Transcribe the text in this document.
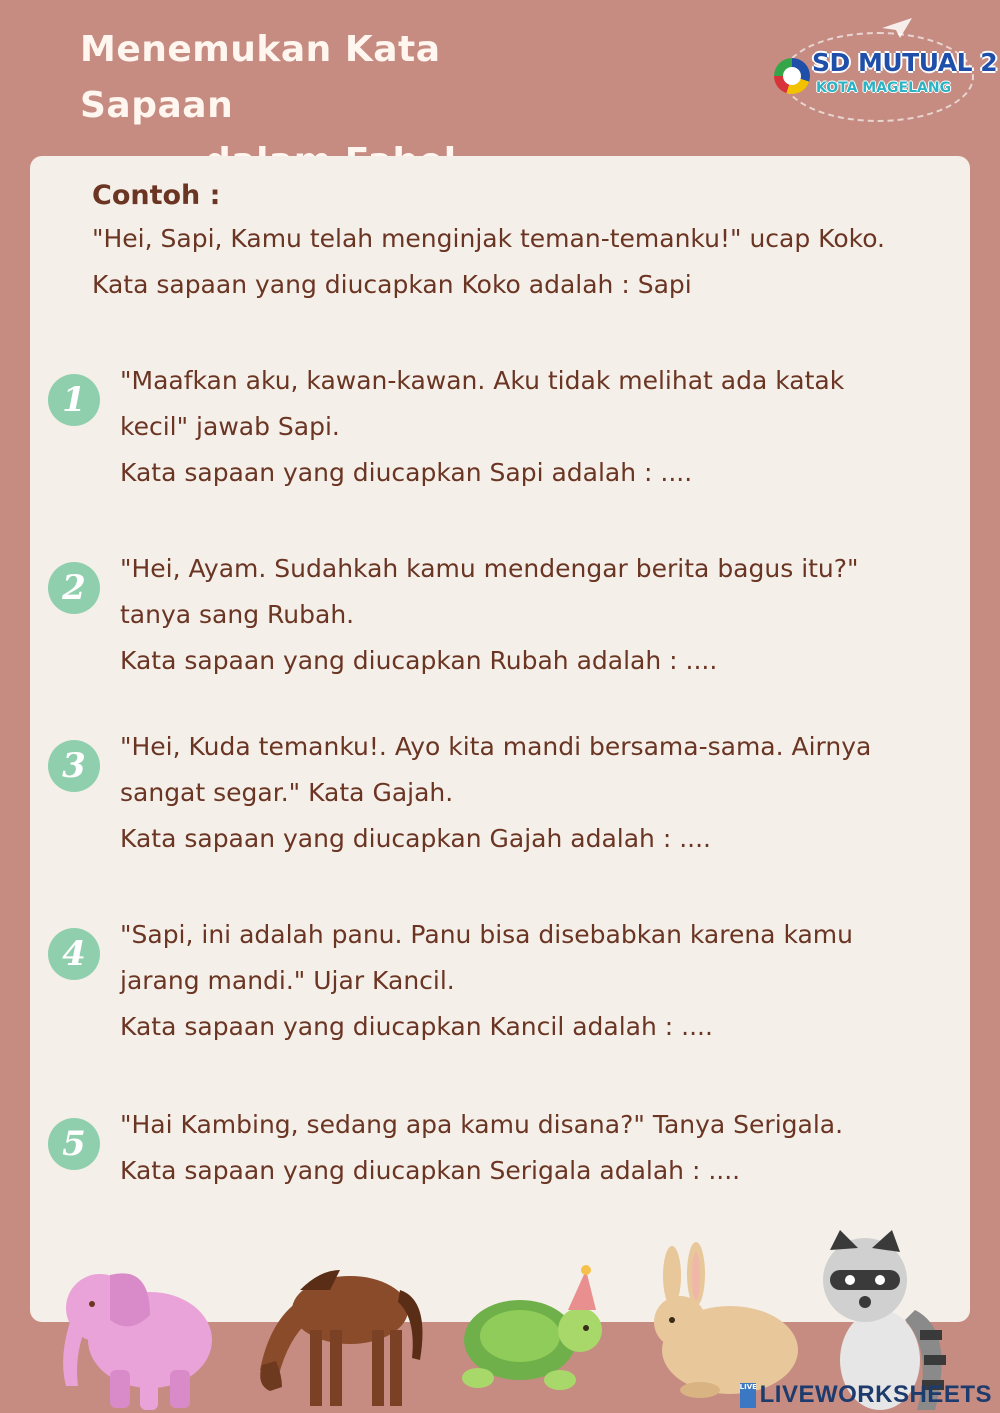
Menemukan Kata Sapaan
SD MUTUAL 2
KOTA MAGELANG
Contoh :
"Hei, Sapi, Kamu telah menginjak teman-temanku!" ucap Koko.
Kata sapaan yang diucapkan Koko adalah : Sapi
1	"Maafkan aku, kawan-kawan. Aku tidak melihat ada katak
kecil" jawab Sapi.
Kata sapaan yang diucapkan Sapi adalah : ....
2	"Hei, Ayam. Sudahkah kamu mendengar berita bagus itu?"
tanya sang Rubah.
Kata sapaan yang diucapkan Rubah adalah : ....
3	"Hei, Kuda temanku!. Ayo kita mandi bersama-sama. Airnya
sangat segar." Kata Gajah.
Kata sapaan yang diucapkan Gajah adalah : ....
4	"Sapi, ini adalah panu. Panu bisa disebabkan karena kamu
jarang mandi." Ujar Kancil.
Kata sapaan yang diucapkan Kancil adalah : ....
5	"Hai Kambing, sedang apa kamu disana?" Tanya Serigala.
Kata sapaan yang diucapkan Serigala adalah : ....
LIVE LIVEWORKSHEETS
